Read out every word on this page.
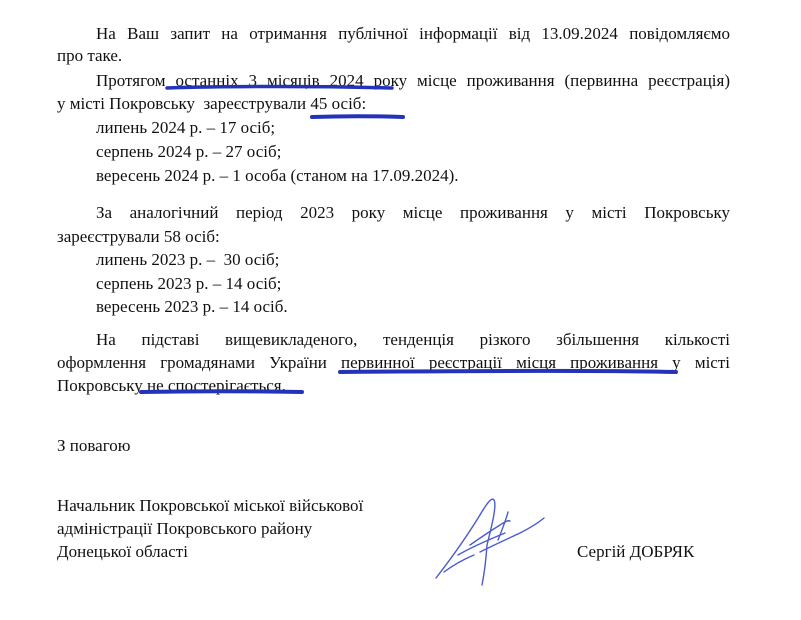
На Ваш запит на отримання публічної інформації від 13.09.2024 повідомляємо
про таке.
Протягом останніх 3 місяців 2024 року місце проживання (первинна реєстрація)
у місті Покровську  зареєстрували 45 осіб:
липень 2024 р. – 17 осіб;
серпень 2024 р. – 27 осіб;
вересень 2024 р. – 1 особа (станом на 17.09.2024).
За аналогічний період 2023 року місце проживання у місті Покровську
зареєстрували 58 осіб:
липень 2023 р. –  30 осіб;
серпень 2023 р. – 14 осіб;
вересень 2023 р. – 14 осіб.
На підставі вищевикладеного, тенденція різкого збільшення кількості
оформлення громадянами України первинної реєстрації місця проживання у місті
Покровську не спостерігається.
З повагою
Начальник Покровської міської військової
адміністрації Покровського району
Донецької області	Сергій ДОБРЯК
